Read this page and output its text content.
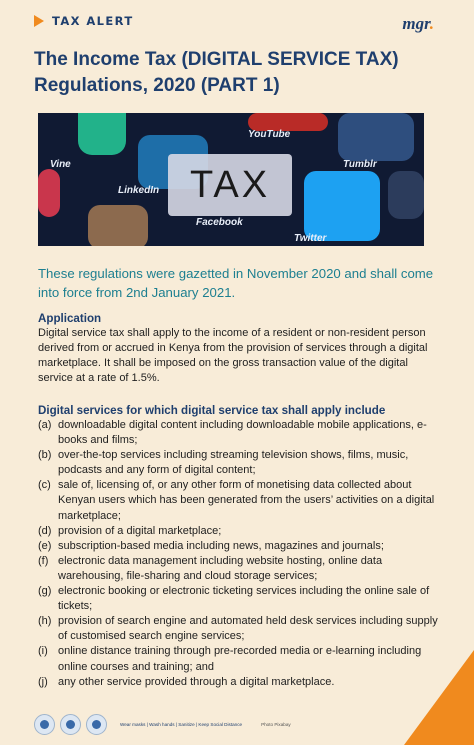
TAX ALERT	mgr.
The Income Tax (DIGITAL SERVICE TAX) Regulations, 2020 (PART 1)
Vine
LinkedIn
YouTube
Tumblr
Facebook
Twitter
TAX

These regulations were gazetted in November 2020 and shall come into force from 2nd January 2021.

Application

Digital service tax shall apply to the income of a resident or non-resident person derived from or accrued in Kenya from the provision of services through a digital marketplace. It shall be imposed on the gross transaction value of the digital service at a rate of 1.5%.

Digital services for which digital service tax shall apply include
(a) downloadable digital content including downloadable mobile applications, e-books and films;
(b) over-the-top services including streaming television shows, films, music, podcasts and any form of digital content;
(c) sale of, licensing of, or any other form of monetising data collected about Kenyan users which has been generated from the users’ activities on a digital marketplace;
(d) provision of a digital marketplace;
(e) subscription-based media including news, magazines and journals;
(f) electronic data management including website hosting, online data warehousing, file-sharing and cloud storage services;
(g) electronic booking or electronic ticketing services including the online sale of tickets;
(h) provision of search engine and automated held desk services including supply of customised search engine services;
(i) online distance training through pre-recorded media or e-learning including online courses and training; and
(j) any other service provided through a digital marketplace.
Wear masks | Wash hands | Sanitize | Keep Social Distance	Photo Pixabay
